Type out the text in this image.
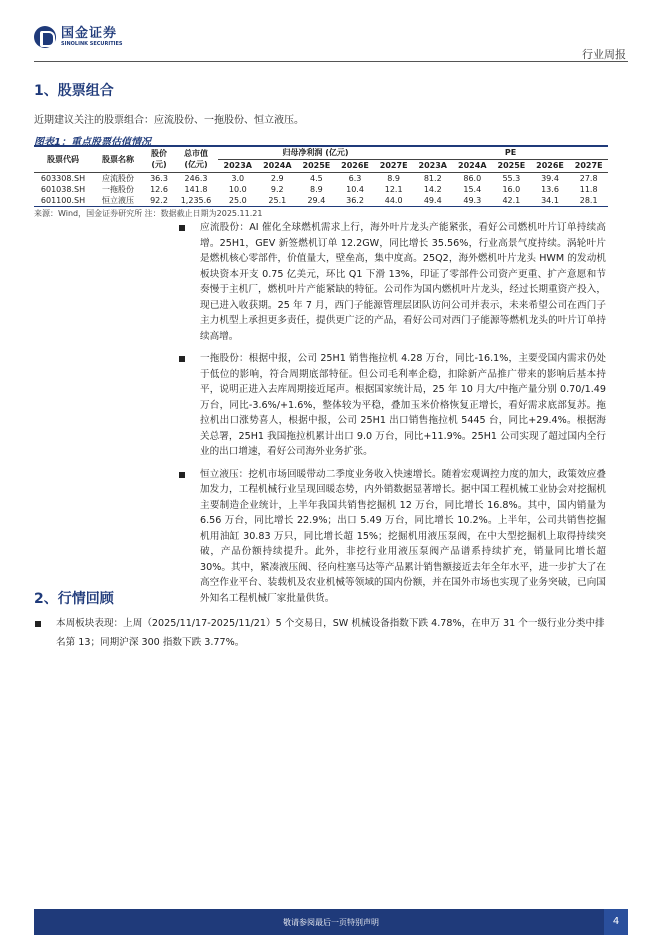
国金证券
SINOLINK SECURITIES
行业周报
1、股票组合
近期建议关注的股票组合：应流股份、一拖股份、恒立液压。
图表1：重点股票估值情况
股票代码	股票名称	股价
(元)	总市值
(亿元)	归母净利润 (亿元)					PE				
				2023A	2024A	2025E	2026E	2027E	2023A	2024A	2025E	2026E	2027E
603308.SH	应流股份	36.3	246.3	3.0	2.9	4.5	6.3	8.9	81.2	86.0	55.3	39.4	27.8
601038.SH	一拖股份	12.6	141.8	10.0	9.2	8.9	10.4	12.1	14.2	15.4	16.0	13.6	11.8
601100.SH	恒立液压	92.2	1,235.6	25.0	25.1	29.4	36.2	44.0	49.4	49.3	42.1	34.1	28.1
来源：Wind，国金证券研究所 注：数据截止日期为2025.11.21
应流股份：AI 催化全球燃机需求上行，海外叶片龙头产能紧张，看好公司燃机叶片订单持续高增。25H1，GEV 新签燃机订单 12.2GW，同比增长 35.56%，行业高景气度持续。涡轮叶片是燃机核心零部件，价值量大，壁垒高，集中度高。25Q2，海外燃机叶片龙头 HWM 的发动机板块资本开支 0.75 亿美元，环比 Q1 下滑 13%，印证了零部件公司资产更重、扩产意愿和节奏慢于主机厂，燃机叶片产能紧缺的特征。公司作为国内燃机叶片龙头，经过长期重资产投入，现已进入收获期。25 年 7 月，西门子能源管理层团队访问公司并表示，未来希望公司在西门子主力机型上承担更多责任，提供更广泛的产品，看好公司对西门子能源等燃机龙头的叶片订单持续高增。
一拖股份：根据中报，公司 25H1 销售拖拉机 4.28 万台，同比-16.1%，主要受国内需求仍处于低位的影响，符合周期底部特征。但公司毛利率企稳，扣除新产品推广带来的影响后基本持平，说明正进入去库周期接近尾声。根据国家统计局，25 年 10 月大/中拖产量分别 0.70/1.49 万台，同比-3.6%/+1.6%，整体较为平稳，叠加玉米价格恢复正增长，看好需求底部复苏。拖拉机出口涨势喜人，根据中报，公司 25H1 出口销售拖拉机 5445 台，同比+29.4%。根据海关总署，25H1 我国拖拉机累计出口 9.0 万台，同比+11.9%。25H1 公司实现了超过国内全行业的出口增速，看好公司海外业务扩张。
恒立液压：挖机市场回暖带动二季度业务收入快速增长。随着宏观调控力度的加大，政策效应叠加发力，工程机械行业呈现回暖态势，内外销数据显著增长。据中国工程机械工业协会对挖掘机主要制造企业统计，上半年我国共销售挖掘机 12 万台，同比增长 16.8%。其中，国内销量为 6.56 万台，同比增长 22.9%；出口 5.49 万台，同比增长 10.2%。上半年，公司共销售挖掘机用油缸 30.83 万只，同比增长超 15%；挖掘机用液压泵阀，在中大型挖掘机上取得持续突破，产品份额持续提升。此外，非挖行业用液压泵阀产品谱系持续扩充，销量同比增长超 30%。其中，紧凑液压阀、径向柱塞马达等产品累计销售额接近去年全年水平，进一步扩大了在高空作业平台、装载机及农业机械等领域的国内份额，并在国外市场也实现了业务突破，已向国外知名工程机械厂家批量供货。
2、行情回顾
本周板块表现：上周（2025/11/17-2025/11/21）5 个交易日，SW 机械设备指数下跌 4.78%，在申万 31 个一级行业分类中排名第 13；同期沪深 300 指数下跌 3.77%。
敬请参阅最后一页特别声明	4
